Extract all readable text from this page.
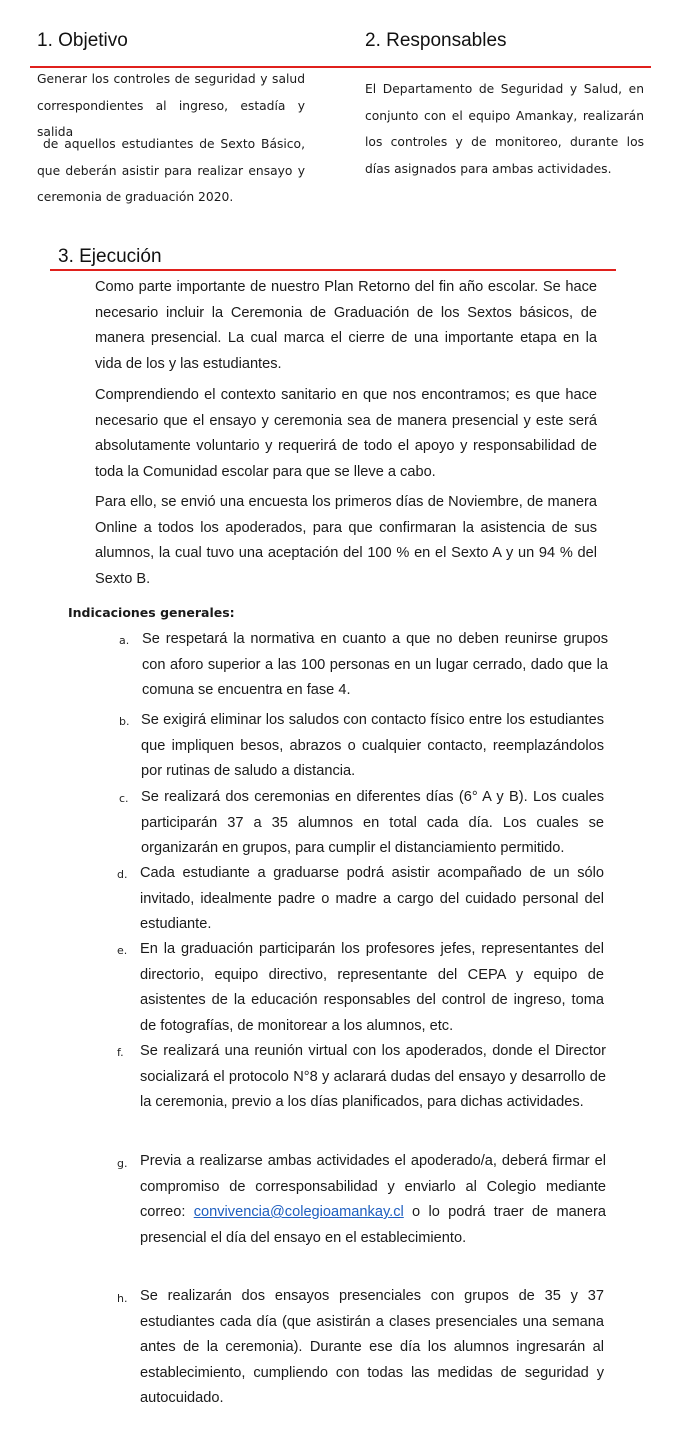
1. Objetivo	2. Responsables
Generar los controles de seguridad y salud correspondientes al ingreso, estadía y salida
de aquellos estudiantes de Sexto Básico, que deberán asistir para realizar ensayo y ceremonia de graduación 2020.
El Departamento de Seguridad y Salud, en conjunto con el equipo Amankay, realizarán los controles y de monitoreo, durante los días asignados para ambas actividades.
3. Ejecución
Como parte importante de nuestro Plan Retorno del fin año escolar. Se hace necesario incluir la Ceremonia de Graduación de los Sextos básicos, de manera presencial. La cual marca el cierre de una importante etapa en la vida de los y las estudiantes.
Comprendiendo el contexto sanitario en que nos encontramos; es que hace necesario que el ensayo y ceremonia sea de manera presencial y este será absolutamente voluntario y requerirá de todo el apoyo y responsabilidad de toda la Comunidad escolar para que se lleve a cabo.
Para ello, se envió una encuesta los primeros días de Noviembre, de manera Online a todos los apoderados, para que confirmaran la asistencia de sus alumnos, la cual tuvo una aceptación del 100 % en el Sexto A y un 94 % del Sexto B.
Indicaciones generales:
a. Se respetará la normativa en cuanto a que no deben reunirse grupos con aforo superior a las 100 personas en un lugar cerrado, dado que la comuna se encuentra en fase 4.
b. Se exigirá eliminar los saludos con contacto físico entre los estudiantes que impliquen besos, abrazos o cualquier contacto, reemplazándolos por rutinas de saludo a distancia.
c. Se realizará dos ceremonias en diferentes días (6° A y B). Los cuales participarán 37 a 35 alumnos en total cada día. Los cuales se organizarán en grupos, para cumplir el distanciamiento permitido.
d. Cada estudiante a graduarse podrá asistir acompañado de un sólo invitado, idealmente padre o madre a cargo del cuidado personal del estudiante.
e. En la graduación participarán los profesores jefes, representantes del directorio, equipo directivo, representante del CEPA y equipo de asistentes de la educación responsables del control de ingreso, toma de fotografías, de monitorear a los alumnos, etc.
f. Se realizará una reunión virtual con los apoderados, donde el Director socializará el protocolo N°8 y aclarará dudas del ensayo y desarrollo de la ceremonia, previo a los días planificados, para dichas actividades.
g. Previa a realizarse ambas actividades el apoderado/a, deberá firmar el compromiso de corresponsabilidad y enviarlo al Colegio mediante correo: convivencia@colegioamankay.cl o lo podrá traer de manera presencial el día del ensayo en el establecimiento.
h. Se realizarán dos ensayos presenciales con grupos de 35 y 37 estudiantes cada día (que asistirán a clases presenciales una semana antes de la ceremonia). Durante ese día los alumnos ingresarán al establecimiento, cumpliendo con todas las medidas de seguridad y autocuidado.
